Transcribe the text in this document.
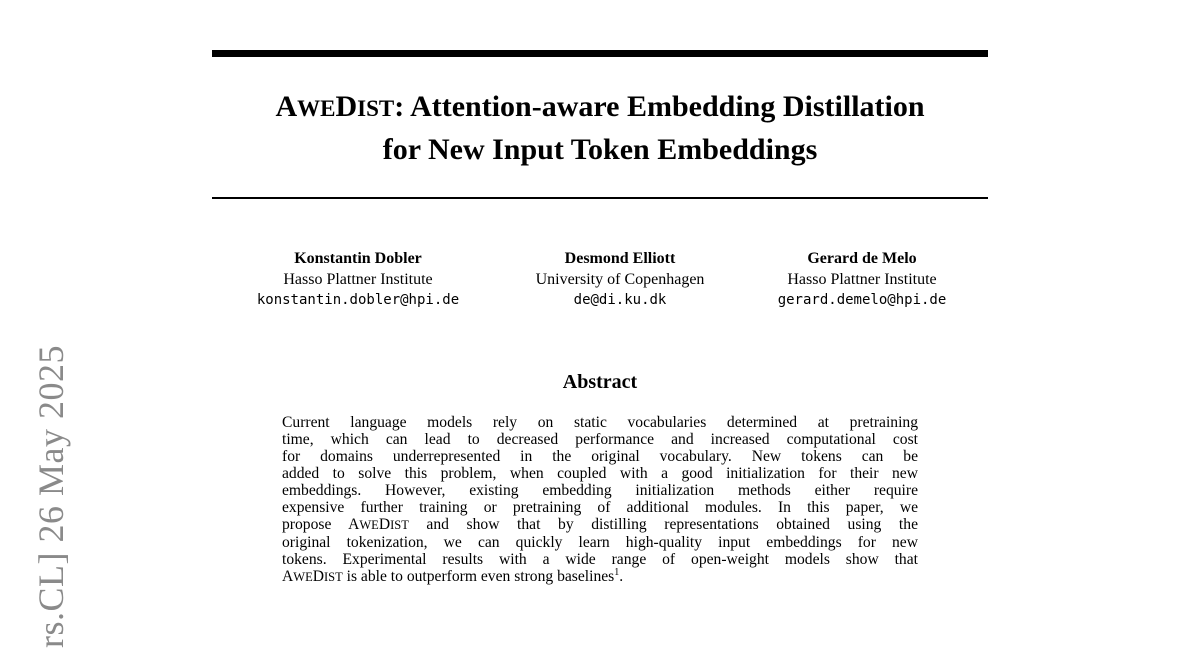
AWEDIST: Attention-aware Embedding Distillation
for New Input Token Embeddings
Konstantin Dobler
Hasso Plattner Institute
konstantin.dobler@hpi.de
Desmond Elliott
University of Copenhagen
de@di.ku.dk
Gerard de Melo
Hasso Plattner Institute
gerard.demelo@hpi.de
Abstract
Current language models rely on static vocabularies determined at pretraining
time, which can lead to decreased performance and increased computational cost
for domains underrepresented in the original vocabulary. New tokens can be
added to solve this problem, when coupled with a good initialization for their new
embeddings. However, existing embedding initialization methods either require
expensive further training or pretraining of additional modules. In this paper, we
propose AWEDIST and show that by distilling representations obtained using the
original tokenization, we can quickly learn high-quality input embeddings for new
tokens. Experimental results with a wide range of open-weight models show that
AWEDIST is able to outperform even strong baselines$^1$.
rs.CL] 26 May 2025
